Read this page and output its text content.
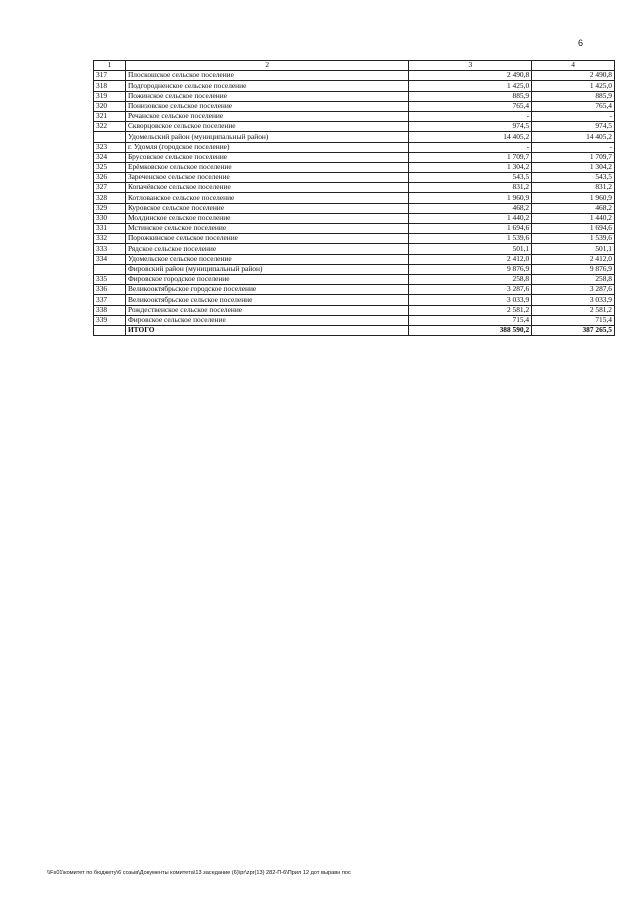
6
1	2	3	4
317	Плоскошское сельское поселение	2 490,8	2 490,8
318	Подгородненское сельское поселение	1 425,0	1 425,0
319	Пожинское сельское поселение	885,9	885,9
320	Понизовское сельское поселение	765,4	765,4
321	Речанское сельское поселение	-	-
322	Скворцовское сельское поселение	974,5	974,5
	Удомельский район (муниципальный район)	14 405,2	14 405,2
323	г. Удомля (городское поселение)	-	-
324	Брусовское сельское поселение	1 709,7	1 709,7
325	Ерёмковское сельское поселение	1 304,2	1 304,2
326	Зареченское сельское поселение	543,5	543,5
327	Копачёвское сельское поселение	831,2	831,2
328	Котлованское сельское поселение	1 960,9	1 960,9
329	Куровское сельское поселение	468,2	468,2
330	Молдинское сельское поселение	1 440,2	1 440,2
331	Мстинское сельское поселение	1 694,6	1 694,6
332	Порожкинское сельское поселение	1 539,6	1 539,6
333	Рядское сельское поселение	501,1	501,1
334	Удомельское сельское поселение	2 412,0	2 412,0
	Фировский район (муниципальный район)	9 876,9	9 876,9
335	Фировское городское поселение	258,8	258,8
336	Великооктябрьское городское поселение	3 287,6	3 287,6
337	Великооктябрьское сельское поселение	3 033,9	3 033,9
338	Рождественское сельское поселение	2 581,2	2 581,2
339	Фировское сельское поселение	715,4	715,4
	ИТОГО	388 590,2	387 265,5
\\Fs01\комитет по бюджету\6 созыв\Документы комитета\13 заседание (6)\pr\zpr(13) 282-П-6\Прил 12 дот выравн пос
